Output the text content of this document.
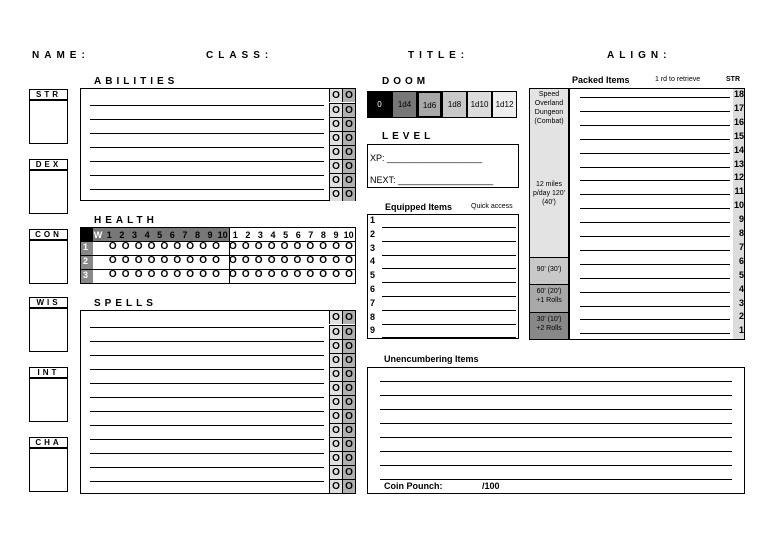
NAME:	CLASS:	TITLE:	ALIGN:
ABILITIES
O O
O O
O O
O O
O O
O O
O O
O O
STR
DEX
CON
WIS
INT
CHA
HEALTH
W 1 2 3 4 5 6 7 8 9 10 1 2 3 4 5 6 7 8 9 10
1 O O O O O O O O O O O O O O O O O O O O
2 O O O O O O O O O O O O O O O O O O O O
3 O O O O O O O O O O O O O O O O O O O O
SPELLS
O O
O O
O O
O O
O O
O O
O O
O O
O O
O O
O O
O O
O O
DOOM
0	1d4	1d6	1d8	1d10 1d12
LEVEL
XP: ___________________
NEXT: ___________________
Equipped Items	Quick access
1
2
3
4
5
6
7
8
9
Speed
Overland
Dungeon
(Combat)
12 miles
p/day 120'
(40')
90' (30')
60' (20')
+1 Rolls
30' (10')
+2 Rolls
Packed Items	1 rd to retrieve	STR
18
17
16
15
14
13
12
11
10
9
8
7
6
5
4
3
2
1
Unencumbering Items
Coin Pounch:	/100
